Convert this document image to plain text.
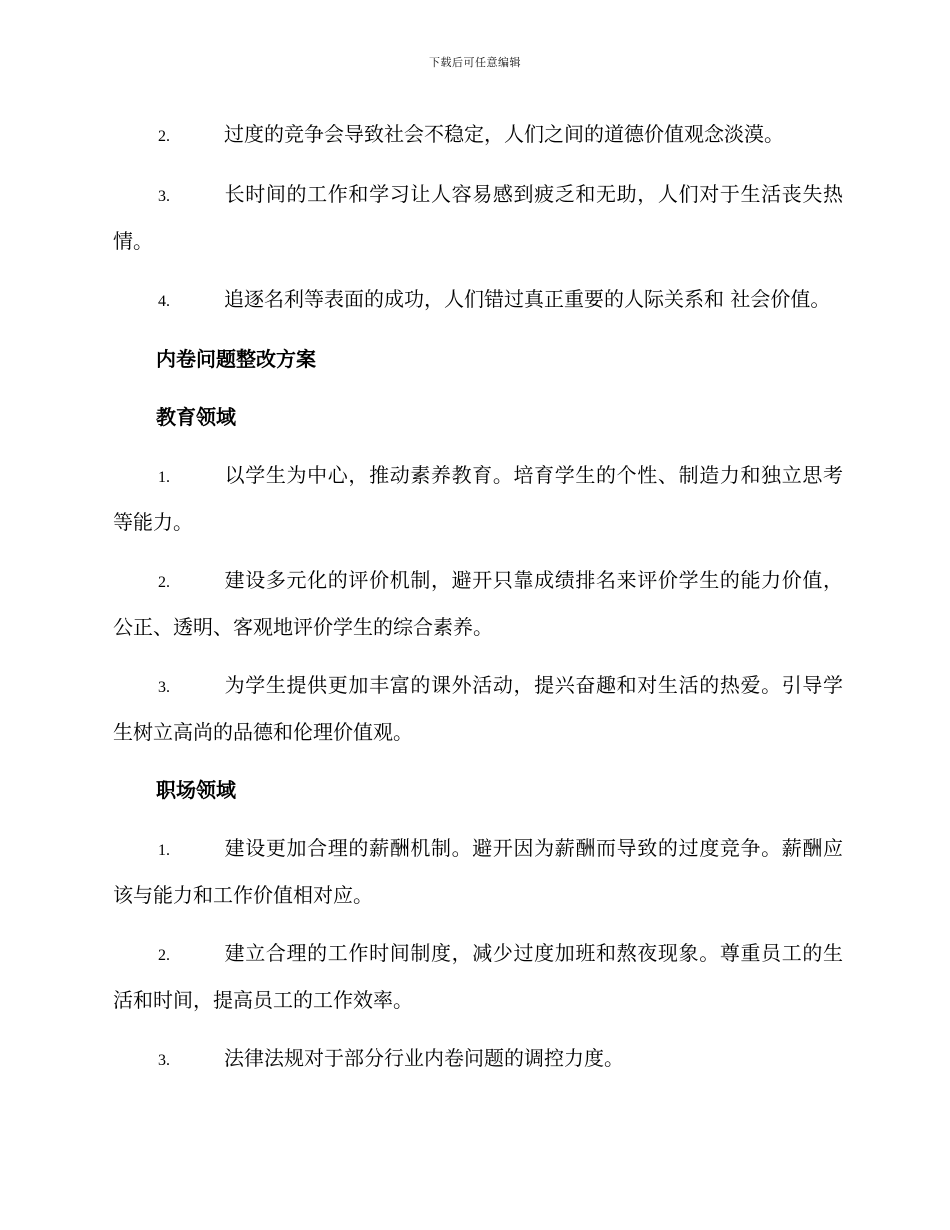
下载后可任意编辑
2.	过度的竞争会导致社会不稳定，人们之间的道德价值观念淡漠。
3.	长时间的工作和学习让人容易感到疲乏和无助，人们对于生活丧失热情。
4.	追逐名利等表面的成功，人们错过真正重要的人际关系和 社会价值。
内卷问题整改方案
教育领域
1.	以学生为中心，推动素养教育。培育学生的个性、制造力和独立思考等能力。
2.	建设多元化的评价机制，避开只靠成绩排名来评价学生的能力价值，公正、透明、客观地评价学生的综合素养。
3.	为学生提供更加丰富的课外活动，提兴奋趣和对生活的热爱。引导学生树立高尚的品德和伦理价值观。
职场领域
1.	建设更加合理的薪酬机制。避开因为薪酬而导致的过度竞争。薪酬应该与能力和工作价值相对应。
2.	建立合理的工作时间制度，减少过度加班和熬夜现象。尊重员工的生活和时间，提高员工的工作效率。
3.	法律法规对于部分行业内卷问题的调控力度。
